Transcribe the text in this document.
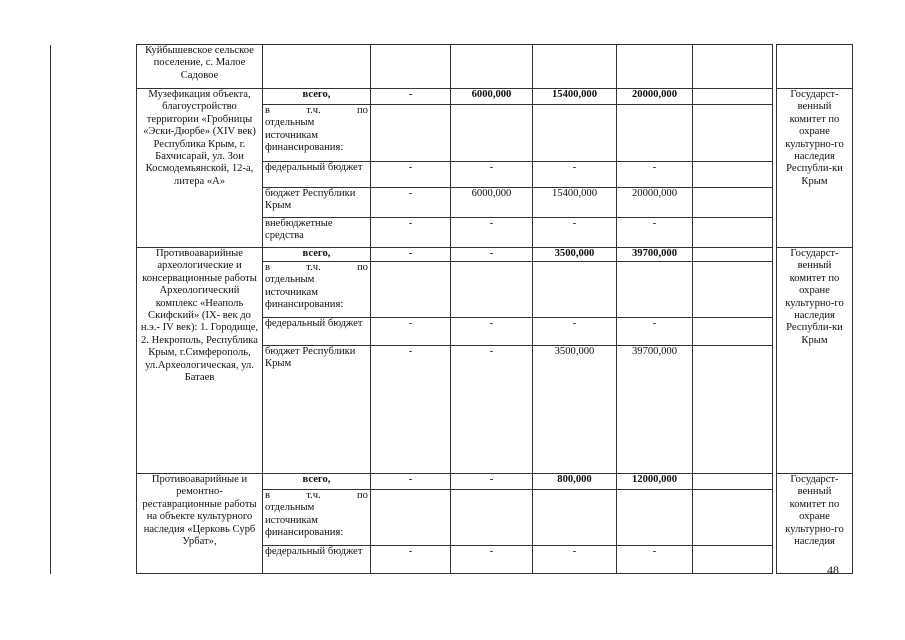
	Куйбышевское сельское поселение, с. Малое Садовое								
	Музефикация объекта, благоустройство территории «Гробницы «Эски-Дюрбе» (XIV век) Республика Крым, г. Бахчисарай, ул. Зои Космодемьянской, 12-а, литера «А»	всего,	-	6000,000	15400,000	20000,000			Государст-венный комитет по охране культурно-го наследия Республи-ки Крым

		в т.ч. по
отдельным источникам финансирования:							

		федеральный бюджет	-	-	-	-			
		бюджет Республики Крым	-	6000,000	15400,000	20000,000			
		внебюджетные средства	-	-	-	-			
	Противоаварийные археологические и консервационные работы Археологический комплекс «Неаполь Скифский» (IX- век до н.э.- IV век): 1. Городище, 2. Некрополь, Республика Крым, г.Симферополь, ул.Археологическая, ул. Батаев	всего,	-	-	3500,000	39700,000			Государст-венный комитет по охране культурно-го наследия Республи-ки Крым

		в т.ч. по
отдельным источникам финансирования:							

		федеральный бюджет	-	-	-	-			
		бюджет Республики Крым	-	-	3500,000	39700,000			
	Противоаварийные и ремонтно-реставрационные работы на объекте культурного наследия «Церковь Сурб Урбат»,	всего,	-	-	800,000	12000,000			Государст-венный комитет по охране культурно-го наследия

		в т.ч. по
отдельным источникам финансирования:							

		федеральный бюджет	-	-	-	-			
48
